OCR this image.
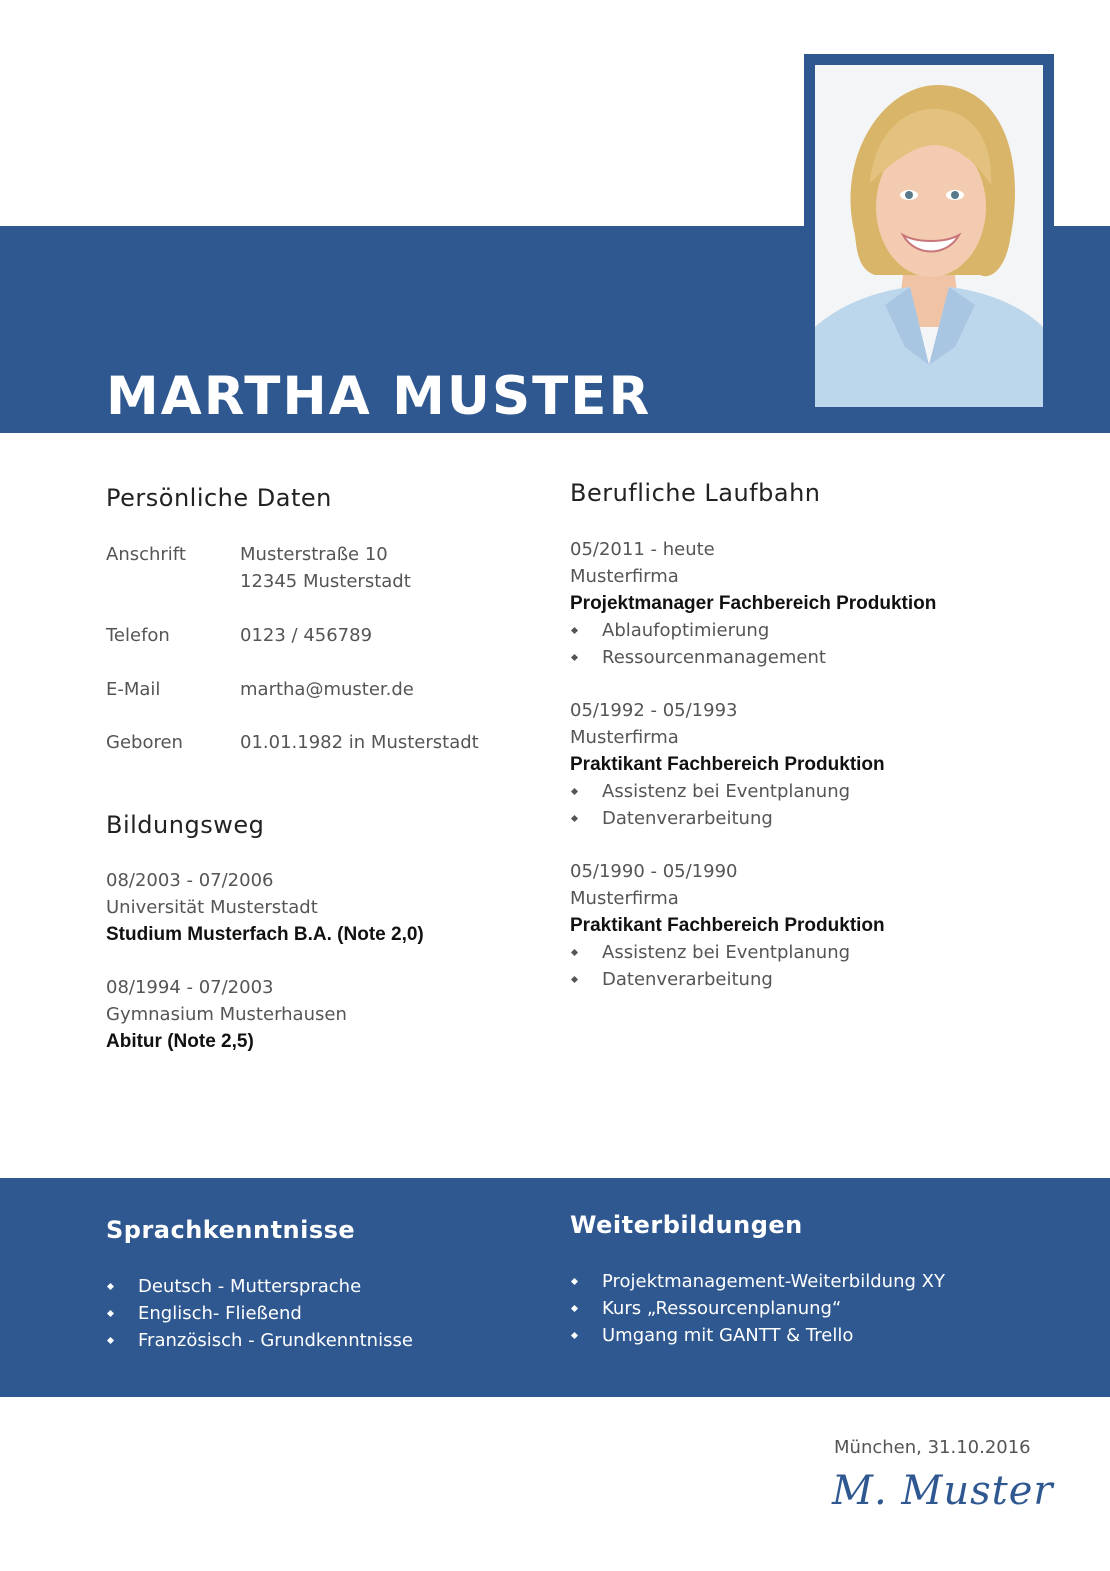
MARTHA MUSTER
Persönliche Daten
Anschrift	Musterstraße 10
12345 Musterstadt
Telefon	0123 / 456789
E-Mail	martha@muster.de
Geboren	01.01.1982 in Musterstadt
Bildungsweg
08/2003 - 07/2006
Universität Musterstadt
Studium Musterfach B.A. (Note 2,0)
08/1994 - 07/2003
Gymnasium Musterhausen
Abitur (Note 2,5)
Berufliche Laufbahn
05/2011 - heute
Musterfirma
Projektmanager Fachbereich Produktion
Ablaufoptimierung
Ressourcenmanagement
05/1992 - 05/1993
Musterfirma
Praktikant Fachbereich Produktion
Assistenz bei Eventplanung
Datenverarbeitung
05/1990 - 05/1990
Musterfirma
Praktikant Fachbereich Produktion
Assistenz bei Eventplanung
Datenverarbeitung
Sprachkenntnisse
Deutsch - Muttersprache
Englisch- Fließend
Französisch - Grundkenntnisse
Weiterbildungen
Projektmanagement-Weiterbildung XY
Kurs „Ressourcenplanung“
Umgang mit GANTT & Trello
München, 31.10.2016
M. Muster
